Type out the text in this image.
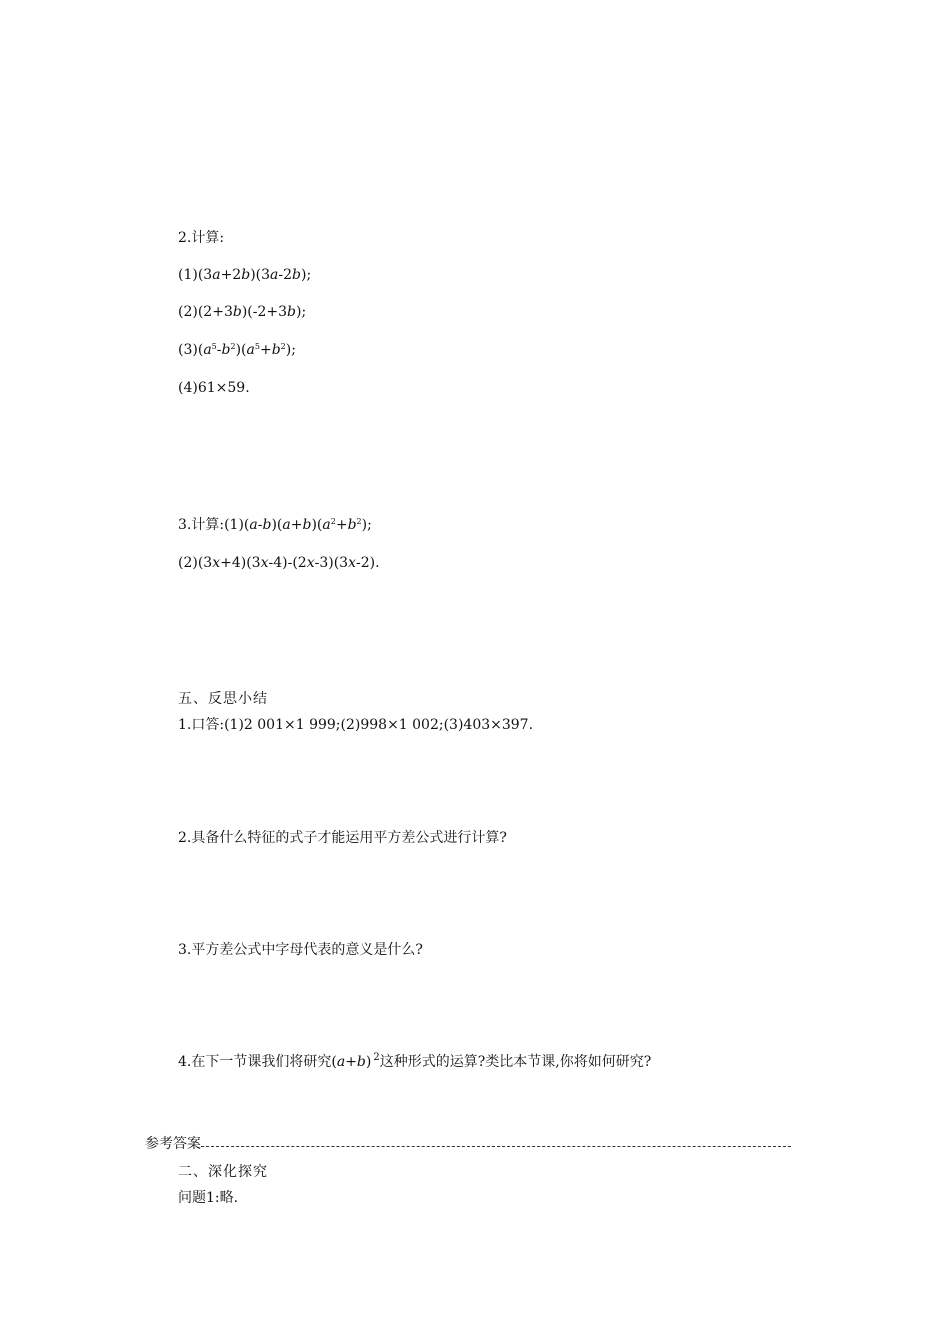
2.计算:
(1)(3a+2b)(3a-2b);
(2)(2+3b)(-2+3b);
$(3)(a^5-b^2)(a^5+b^2)$;
(4)61×59.
3.计算$:(1)(a-b)(a+b)(a^2+b^2)$;
(2)(3x+4)(3x-4)-(2x-3)(3x-2).
五、反思小结
1.口答:(1)2 001×1 999;(2)998×1 002;(3)403×397.
2.具备什么特征的式子才能运用平方差公式进行计算?
3.平方差公式中字母代表的意义是什么?
4.在下一节课我们将研究(a+b) $^2$这种形式的运算?类比本节课,你将如何研究?
参考答案
二、深化探究
问题1:略.
